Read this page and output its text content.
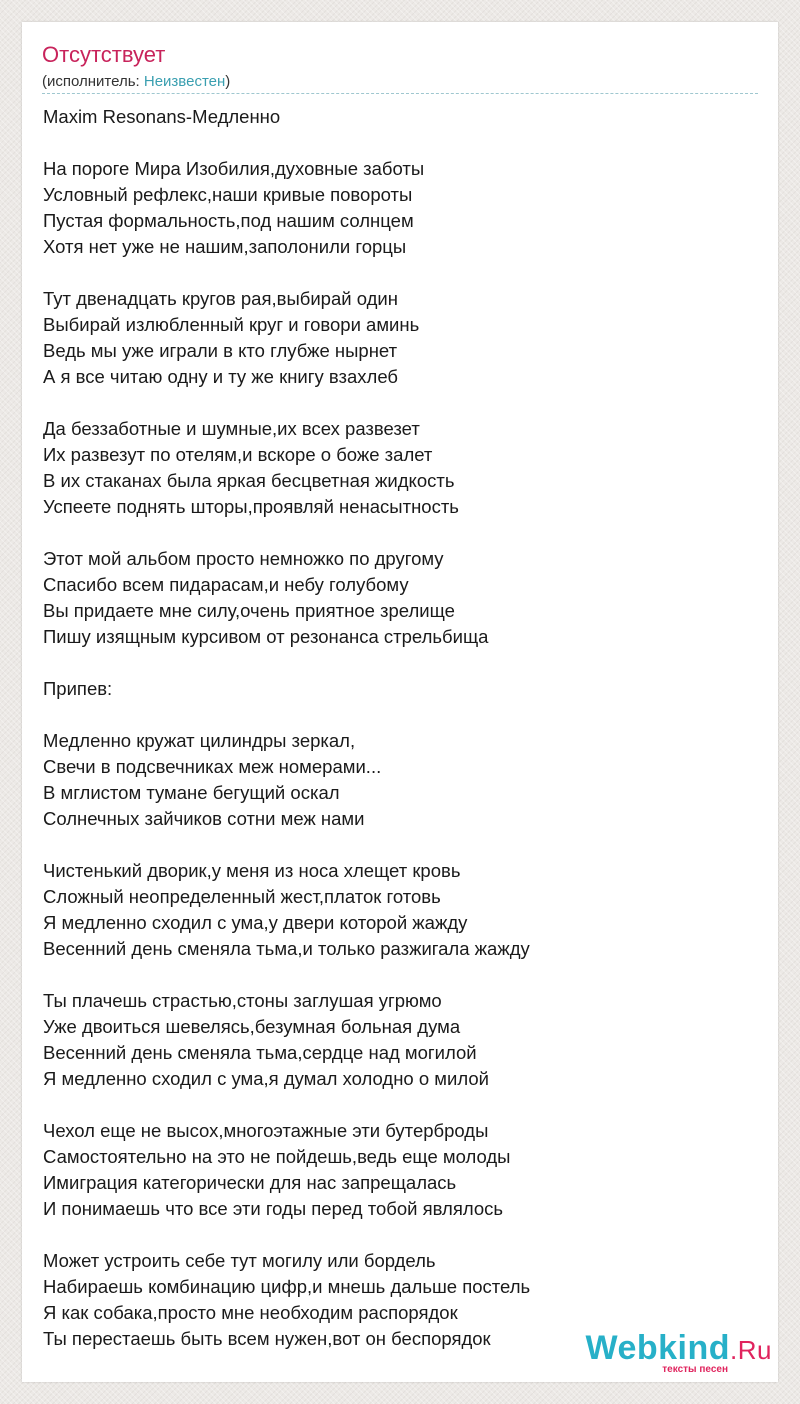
Отсутствует
(исполнитель: Неизвестен)
Maxim Resonans-Медленно
На пороге Мира Изобилия,духовные заботы
Условный рефлекс,наши кривые повороты
Пустая формальность,под нашим солнцем
Хотя нет уже не нашим,заполонили горцы
Тут двенадцать кругов рая,выбирай один
Выбирай излюбленный круг и говори аминь
Ведь мы уже играли в кто глубже нырнет
А я все читаю одну и ту же книгу взахлеб
Да беззаботные и шумные,их всех развезет
Их развезут по отелям,и вскоре о боже залет
В их стаканах была яркая бесцветная жидкость
Успеете поднять шторы,проявляй ненасытность
Этот мой альбом просто немножко по другому
Спасибо всем пидарасам,и небу голубому
Вы придаете мне силу,очень приятное зрелище
Пишу изящным курсивом от резонанса стрельбища
Припев:
Медленно кружат цилиндры зеркал,
Свечи в подсвечниках меж номерами...
В мглистом тумане бегущий оскал
Солнечных зайчиков сотни меж нами
Чистенький дворик,у меня из носа хлещет кровь
Сложный неопределенный жест,платок готовь
Я медленно сходил с ума,у двери которой жажду
Весенний день сменяла тьма,и только разжигала жажду
Ты плачешь страстью,стоны заглушая угрюмо
Уже двоиться шевелясь,безумная больная дума
Весенний день сменяла тьма,сердце над могилой
Я медленно сходил с ума,я думал холодно о милой
Чехол еще не высох,многоэтажные эти бутерброды
Самостоятельно на это не пойдешь,ведь еще молоды
Имиграция категорически для нас запрещалась
И понимаешь что все эти годы перед тобой являлось
Может устроить себе тут могилу или бордель
Набираешь комбинацию цифр,и мнешь дальше постель
Я как собака,просто мне необходим распорядок
Ты перестаешь быть всем нужен,вот он беспорядок	Webkind.Ru
тексты песен
